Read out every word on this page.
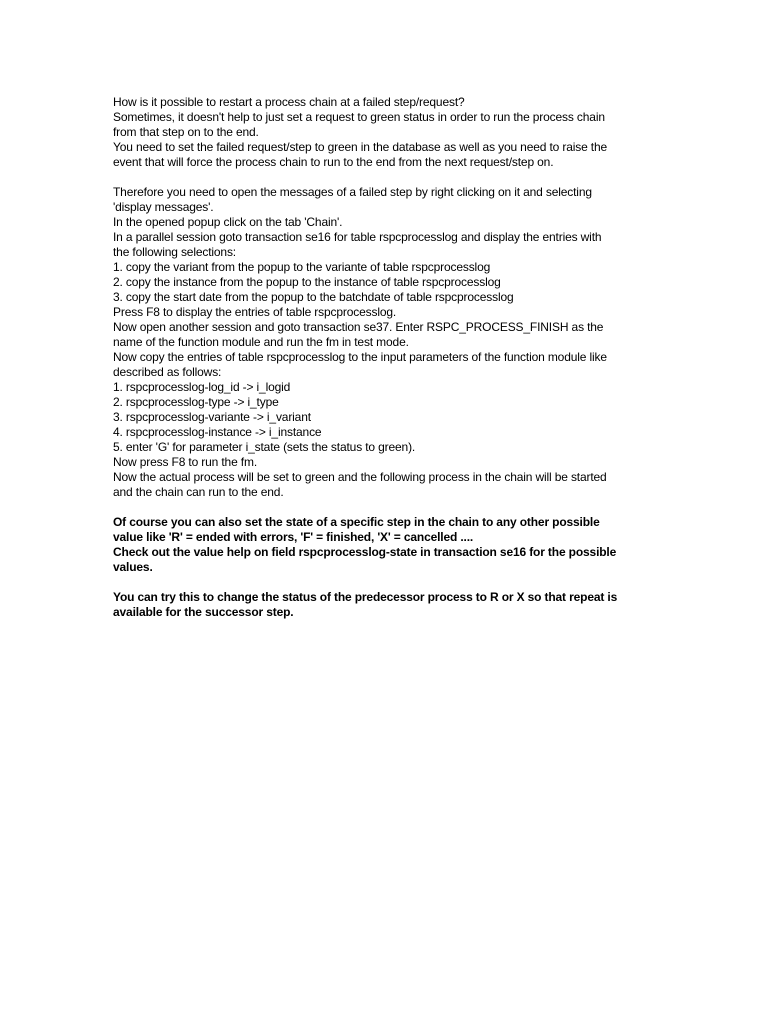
How is it possible to restart a process chain at a failed step/request?
Sometimes, it doesn't help to just set a request to green status in order to run the process chain
from that step on to the end.
You need to set the failed request/step to green in the database as well as you need to raise the
event that will force the process chain to run to the end from the next request/step on.
Therefore you need to open the messages of a failed step by right clicking on it and selecting
'display messages'.
In the opened popup click on the tab 'Chain'.
In a parallel session goto transaction se16 for table rspcprocesslog and display the entries with
the following selections:
1. copy the variant from the popup to the variante of table rspcprocesslog
2. copy the instance from the popup to the instance of table rspcprocesslog
3. copy the start date from the popup to the batchdate of table rspcprocesslog
Press F8 to display the entries of table rspcprocesslog.
Now open another session and goto transaction se37. Enter RSPC_PROCESS_FINISH as the
name of the function module and run the fm in test mode.
Now copy the entries of table rspcprocesslog to the input parameters of the function module like
described as follows:
1. rspcprocesslog-log_id -> i_logid
2. rspcprocesslog-type -> i_type
3. rspcprocesslog-variante -> i_variant
4. rspcprocesslog-instance -> i_instance
5. enter 'G' for parameter i_state (sets the status to green).
Now press F8 to run the fm.
Now the actual process will be set to green and the following process in the chain will be started
and the chain can run to the end.
Of course you can also set the state of a specific step in the chain to any other possible
value like 'R' = ended with errors, 'F' = finished, 'X' = cancelled ....
Check out the value help on field rspcprocesslog-state in transaction se16 for the possible
values.
You can try this to change the status of the predecessor process to R or X so that repeat is
available for the successor step.
